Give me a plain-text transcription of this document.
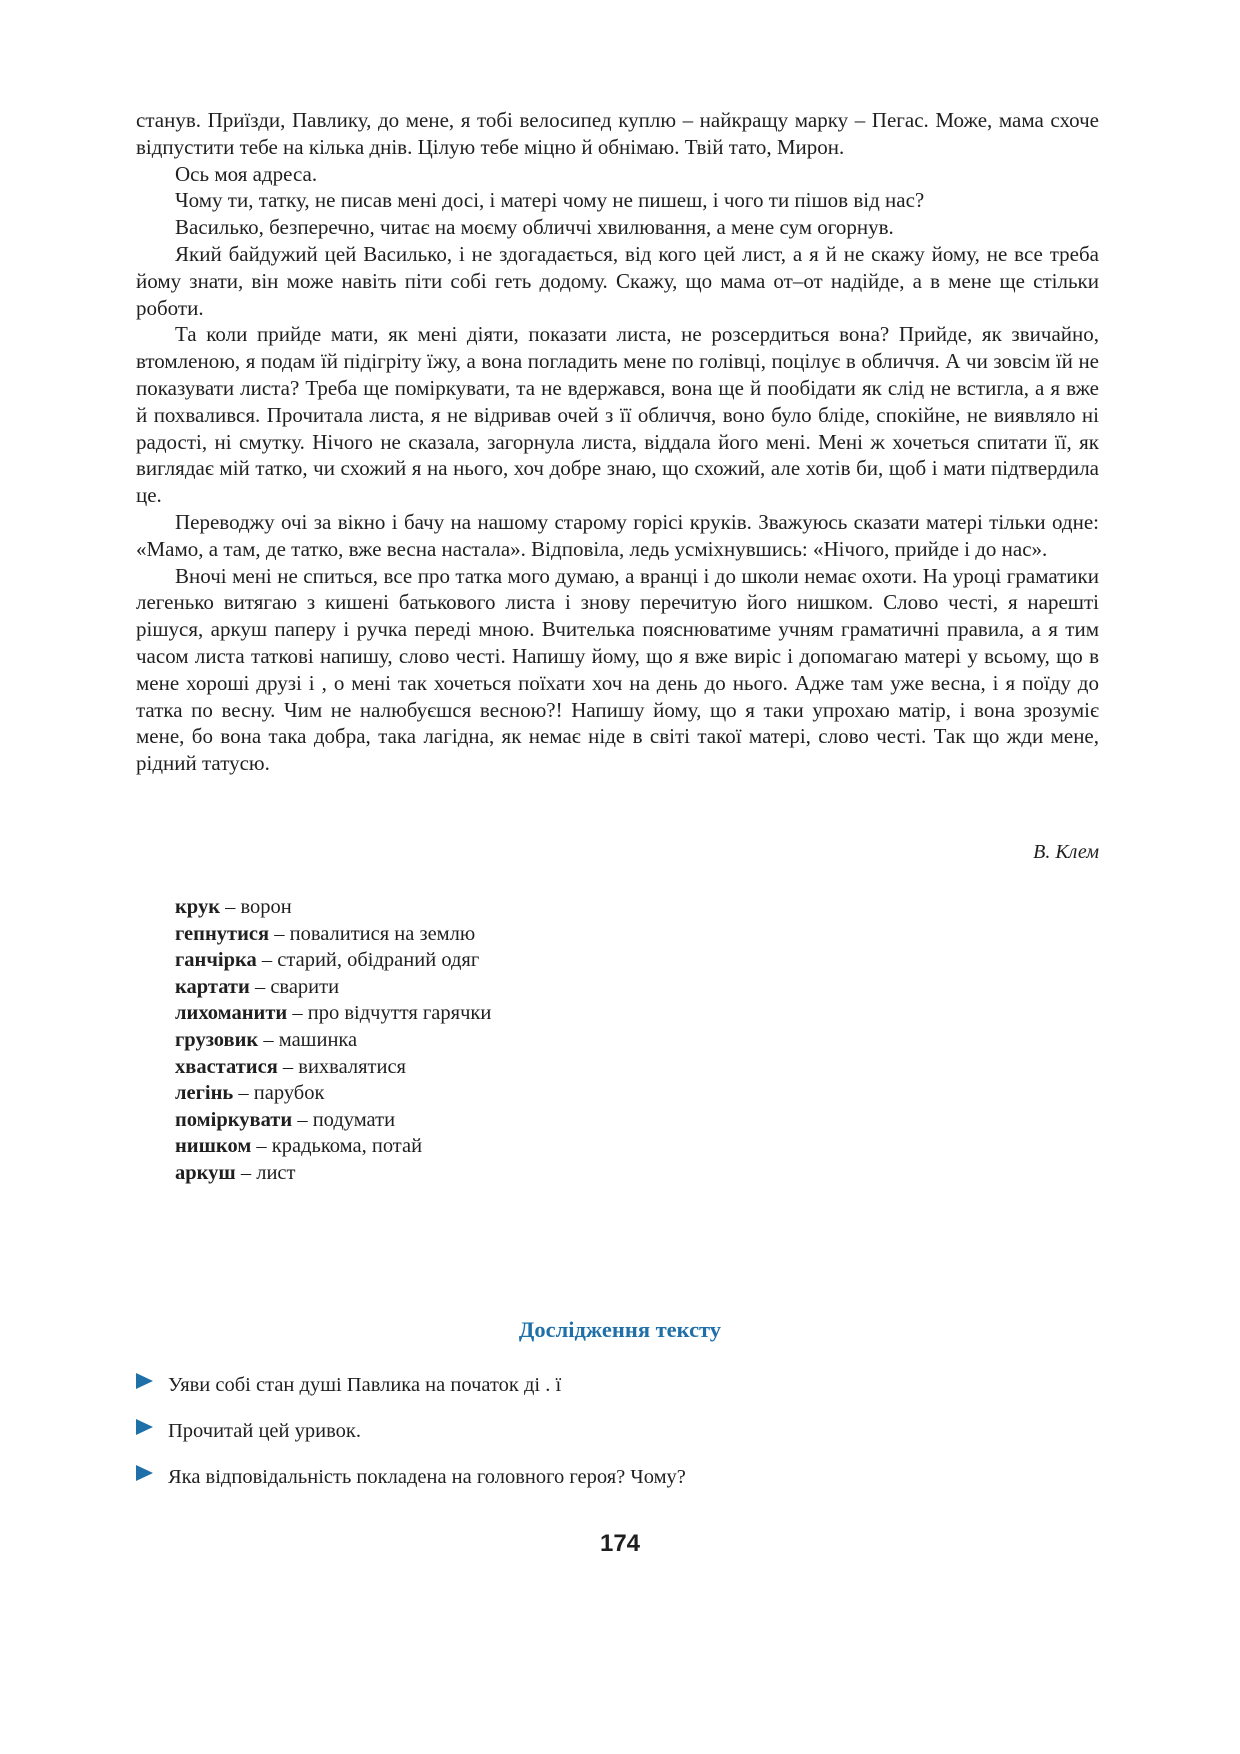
станув. Приїзди, Павлику, до мене, я тобі велосипед куплю – найкращу марку – Пегас. Може, мама схоче відпустити тебе на кілька днів. Цілую тебе міцно й обнімаю. Твій тато, Мирон.

Ось моя адреса.

Чому ти, татку, не писав мені досі, і матері чому не пишеш, і чого ти пішов від нас?

Василько, безперечно, читає на моєму обличчі хвилювання, а мене сум огорнув.

Який байдужий цей Василько, і не здогадається, від кого цей лист, а я й не скажу йому, не все треба йому знати, він може навіть піти собі геть додому. Скажу, що мама от–от надійде, а в мене ще стільки роботи.

Та коли прийде мати, як мені діяти, показати листа, не розсердиться вона? Прийде, як звичайно, втомленою, я подам їй підігріту їжу, а вона погладить мене по голівці, поцілує в обличчя. А чи зовсім їй не показувати листа? Треба ще поміркувати, та не вдержався, вона ще й пообідати як слід не встигла, а я вже й похвалився. Прочитала листа, я не відривав очей з її обличчя, воно було бліде, спокійне, не виявляло ні радості, ні смутку. Нічого не сказала, загорнула листа, віддала його мені. Мені ж хочеться спитати її, як виглядає мій татко, чи схожий я на нього, хоч добре знаю, що схожий, але хотів би, щоб і мати підтвердила це.

Переводжу очі за вікно і бачу на нашому старому горісі круків. Зважуюсь сказати матері тільки одне: «Мамо, а там, де татко, вже весна настала». Відповіла, ледь усміхнувшись: «Нічого, прийде і до нас».

Вночі мені не спиться, все про татка мого думаю, а вранці і до школи немає охоти. На уроці граматики легенько витягаю з кишені батькового листа і знову перечитую його нишком. Слово честі, я нарешті рішуся, аркуш паперу і ручка переді мною. Вчителька пояснюватиме учням граматичні правила, а я тим часом листа таткові напишу, слово честі. Напишу йому, що я вже виріс і допомагаю матері у всьому, що в мене хороші друзі і , о мені так хочеться поїхати хоч на день до нього. Адже там уже весна, і я поїду до татка по весну. Чим не налюбуєшся весною?! Напишу йому, що я таки упрохаю матір, і вона зрозуміє мене, бо вона така добра, така лагідна, як немає ніде в світі такої матері, слово честі. Так що жди мене, рідний татусю.

В. Клем
крук – ворон
гепнутися – повалитися на землю
ганчірка – старий, обідраний одяг
картати – сварити
лихоманити – про відчуття гарячки
грузовик – машинка
хвастатися – вихвалятися
легінь – парубок
поміркувати – подумати
нишком – крадькома, потай
аркуш – лист
Дослідження тексту
Уяви собі стан душі Павлика на початок ді . ї
Прочитай цей уривок.
Яка відповідальність покладена на головного героя? Чому?
174
